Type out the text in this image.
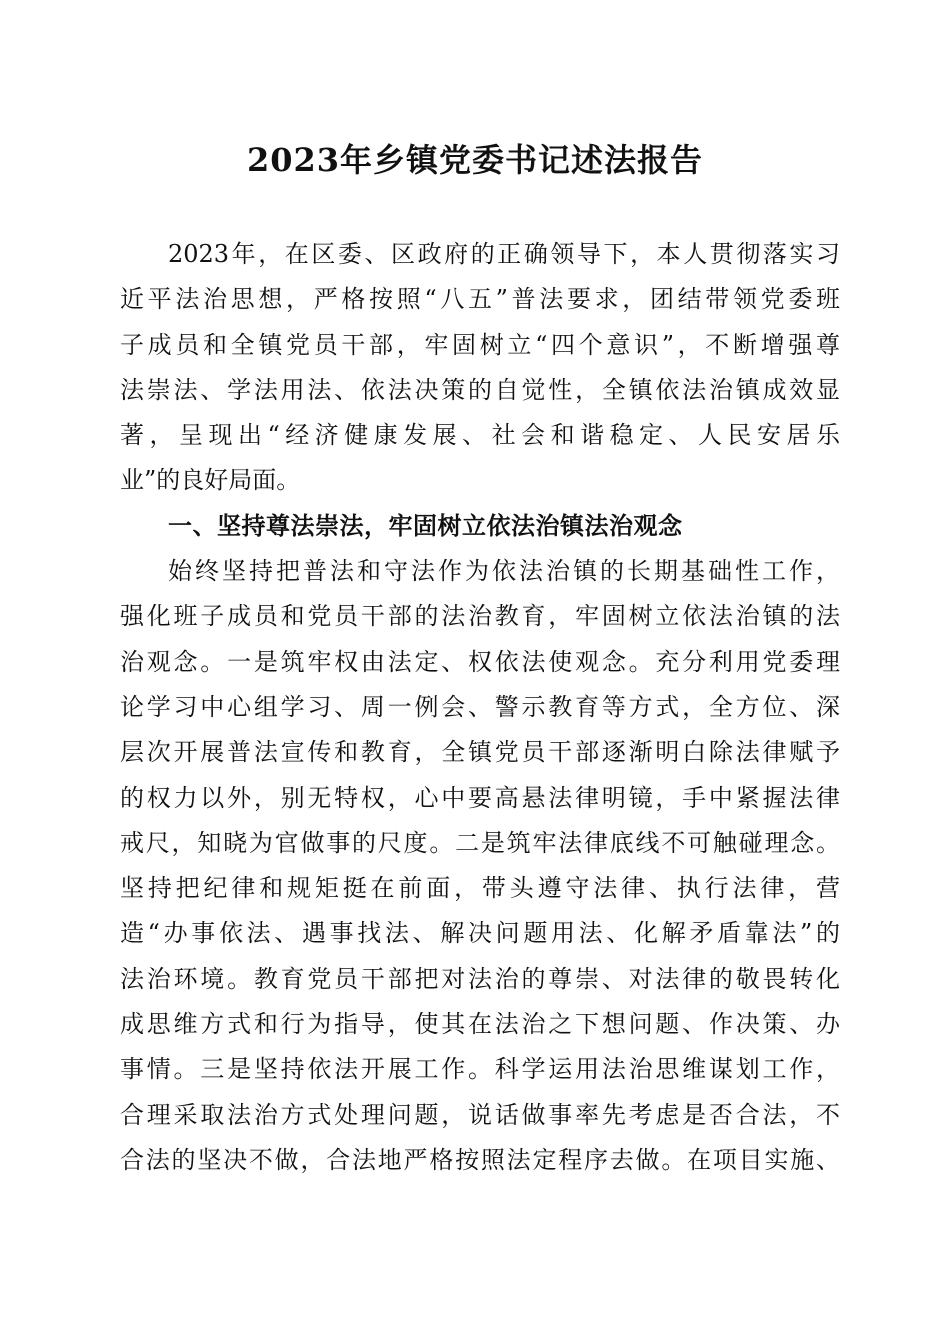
2023年乡镇党委书记述法报告
2023年，在区委、区政府的正确领导下，本人贯彻落实习
近平法治思想，严格按照“八五”普法要求，团结带领党委班
子成员和全镇党员干部，牢固树立“四个意识”，不断增强尊
法崇法、学法用法、依法决策的自觉性，全镇依法治镇成效显
著，呈现出“经济健康发展、社会和谐稳定、人民安居乐
业”的良好局面。
一、坚持尊法崇法，牢固树立依法治镇法治观念
始终坚持把普法和守法作为依法治镇的长期基础性工作，
强化班子成员和党员干部的法治教育，牢固树立依法治镇的法
治观念。一是筑牢权由法定、权依法使观念。充分利用党委理
论学习中心组学习、周一例会、警示教育等方式，全方位、深
层次开展普法宣传和教育，全镇党员干部逐渐明白除法律赋予
的权力以外，别无特权，心中要高悬法律明镜，手中紧握法律
戒尺，知晓为官做事的尺度。二是筑牢法律底线不可触碰理念。
坚持把纪律和规矩挺在前面，带头遵守法律、执行法律，营
造“办事依法、遇事找法、解决问题用法、化解矛盾靠法”的
法治环境。教育党员干部把对法治的尊崇、对法律的敬畏转化
成思维方式和行为指导，使其在法治之下想问题、作决策、办
事情。三是坚持依法开展工作。科学运用法治思维谋划工作，
合理采取法治方式处理问题，说话做事率先考虑是否合法，不
合法的坚决不做，合法地严格按照法定程序去做。在项目实施、
